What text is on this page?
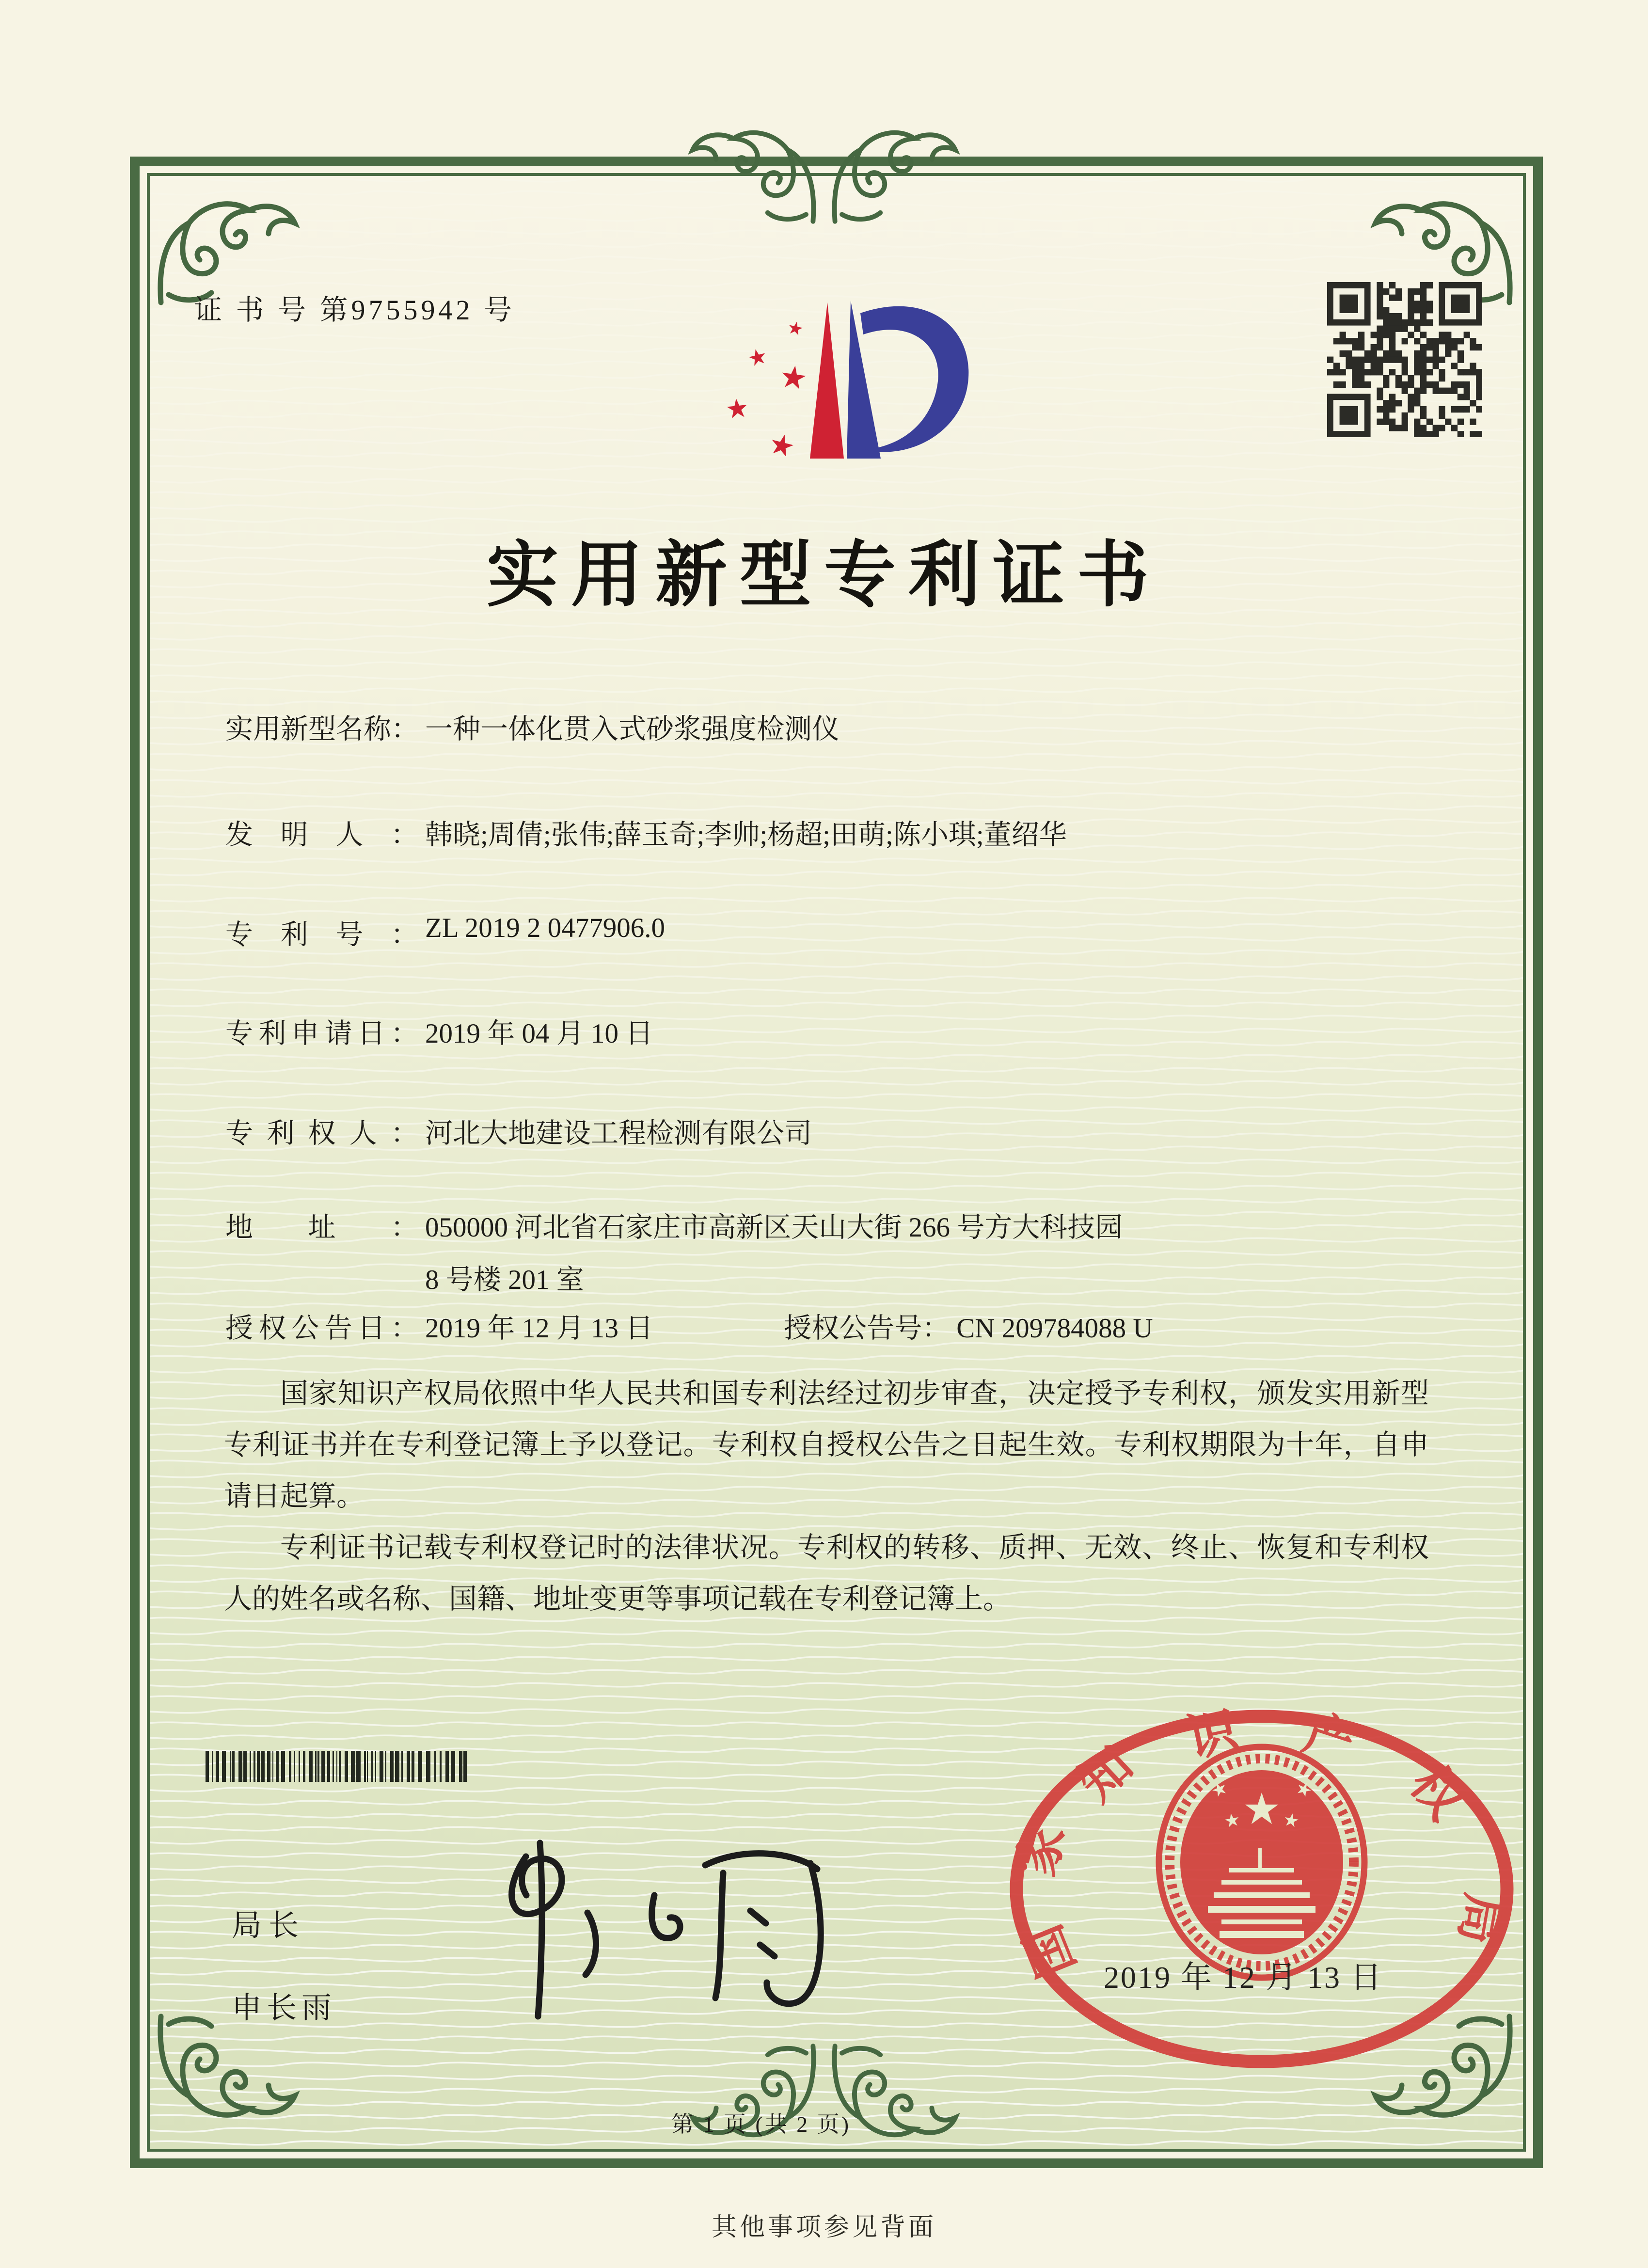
证 书 号 第9755942 号
实用新型专利证书
实用新型名称： 一种一体化贯入式砂浆强度检测仪
发明人： 韩晓;周倩;张伟;薛玉奇;李帅;杨超;田萌;陈小琪;董绍华
专利号： ZL 2019 2 0477906.0
专利申请日： 2019 年 04 月 10 日
专利权人： 河北大地建设工程检测有限公司
地址： 050000 河北省石家庄市高新区天山大街 266 号方大科技园
8 号楼 201 室
授权公告日： 2019 年 12 月 13 日	授权公告号： CN 209784088 U

国家知识产权局依照中华人民共和国专利法经过初步审查，决定授予专利权，颁发实用新型专利证书并在专利登记簿上予以登记。专利权自授权公告之日起生效。专利权期限为十年，自申请日起算。

专利证书记载专利权登记时的法律状况。专利权的转移、质押、无效、终止、恢复和专利权人的姓名或名称、国籍、地址变更等事项记载在专利登记簿上。

局长
申长雨
国
家
知
识 产
权
局
2019 年 12 月 13 日
第 1 页 (共 2 页)
其他事项参见背面
